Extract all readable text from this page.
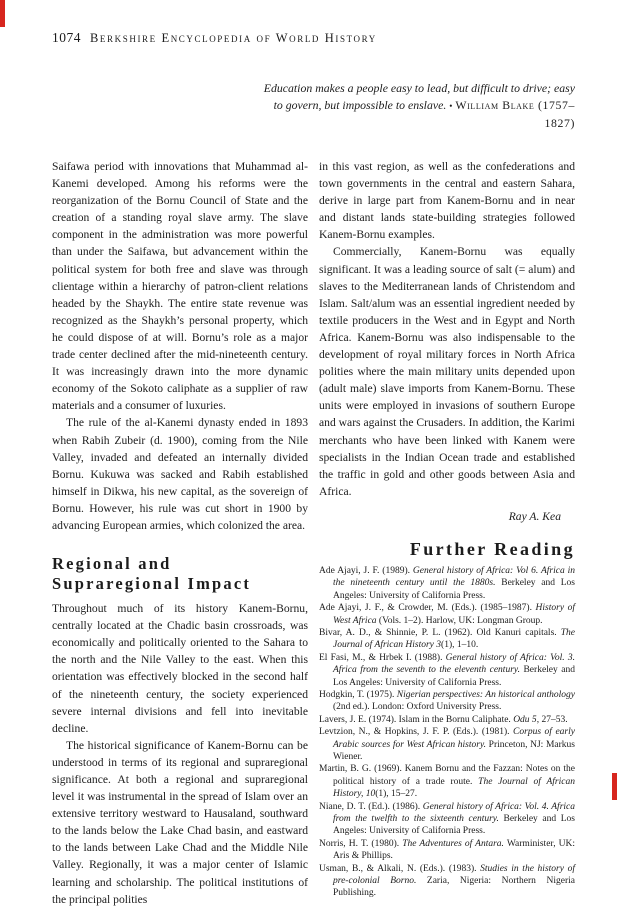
1074 Berkshire Encyclopedia of World History
Education makes a people easy to lead, but difficult to drive; easy to govern, but impossible to enslave. • William Blake (1757–1827)

Saifawa period with innovations that Muhammad al-Kanemi developed. Among his reforms were the reorganization of the Bornu Council of State and the creation of a standing royal slave army. The slave component in the administration was more powerful than under the Saifawa, but advancement within the political system for both free and slave was through clientage within a hierarchy of patron-client relations headed by the Shaykh. The entire state revenue was recognized as the Shaykh’s personal property, which he could dispose of at will. Bornu’s role as a major trade center declined after the mid-nineteenth century. It was increasingly drawn into the more dynamic economy of the Sokoto caliphate as a supplier of raw materials and a consumer of luxuries.

The rule of the al-Kanemi dynasty ended in 1893 when Rabih Zubeir (d. 1900), coming from the Nile Valley, invaded and defeated an internally divided Bornu. Kukuwa was sacked and Rabih established himself in Dikwa, his new capital, as the sovereign of Bornu. However, his rule was cut short in 1900 by advancing European armies, which colonized the area.

Regional and
Supraregional Impact

Throughout much of its history Kanem-Bornu, centrally located at the Chadic basin crossroads, was economically and politically oriented to the Sahara to the north and the Nile Valley to the east. When this orientation was effectively blocked in the second half of the nineteenth century, the society experienced severe internal divisions and fell into inevitable decline.

The historical significance of Kanem-Bornu can be understood in terms of its regional and supraregional significance. At both a regional and supraregional level it was instrumental in the spread of Islam over an extensive territory westward to Hausaland, southward to the lands below the Lake Chad basin, and eastward to the lands between Lake Chad and the Middle Nile Valley. Regionally, it was a major center of Islamic learning and scholarship. The political institutions of the principal polities

in this vast region, as well as the confederations and town governments in the central and eastern Sahara, derive in large part from Kanem-Bornu and in near and distant lands state-building strategies followed Kanem-Bornu examples.

Commercially, Kanem-Bornu was equally significant. It was a leading source of salt (= alum) and slaves to the Mediterranean lands of Christendom and Islam. Salt/alum was an essential ingredient needed by textile producers in the West and in Egypt and North Africa. Kanem-Bornu was also indispensable to the development of royal military forces in North Africa polities where the main military units depended upon (adult male) slave imports from Kanem-Bornu. These units were employed in invasions of southern Europe and wars against the Crusaders. In addition, the Karimi merchants who have been linked with Kanem were specialists in the Indian Ocean trade and established the traffic in gold and other goods between Asia and Africa.

Ray A. Kea

Further Reading

Ade Ajayi, J. F. (1989). General history of Africa: Vol 6. Africa in the nineteenth century until the 1880s. Berkeley and Los Angeles: University of California Press.

Ade Ajayi, J. F., & Crowder, M. (Eds.). (1985–1987). History of West Africa (Vols. 1–2). Harlow, UK: Longman Group.

Bivar, A. D., & Shinnie, P. L. (1962). Old Kanuri capitals. The Journal of African History 3(1), 1–10.

El Fasi, M., & Hrbek I. (1988). General history of Africa: Vol. 3. Africa from the seventh to the eleventh century. Berkeley and Los Angeles: University of California Press.

Hodgkin, T. (1975). Nigerian perspectives: An historical anthology (2nd ed.). London: Oxford University Press.

Lavers, J. E. (1974). Islam in the Bornu Caliphate. Odu 5, 27–53.

Levtzion, N., & Hopkins, J. F. P. (Eds.). (1981). Corpus of early Arabic sources for West African history. Princeton, NJ: Markus Wiener.

Martin, B. G. (1969). Kanem Bornu and the Fazzan: Notes on the political history of a trade route. The Journal of African History, 10(1), 15–27.

Niane, D. T. (Ed.). (1986). General history of Africa: Vol. 4. Africa from the twelfth to the sixteenth century. Berkeley and Los Angeles: University of California Press.

Norris, H. T. (1980). The Adventures of Antara. Warminister, UK: Aris & Phillips.

Usman, B., & Alkali, N. (Eds.). (1983). Studies in the history of pre-colonial Borno. Zaria, Nigeria: Northern Nigeria Publishing.
